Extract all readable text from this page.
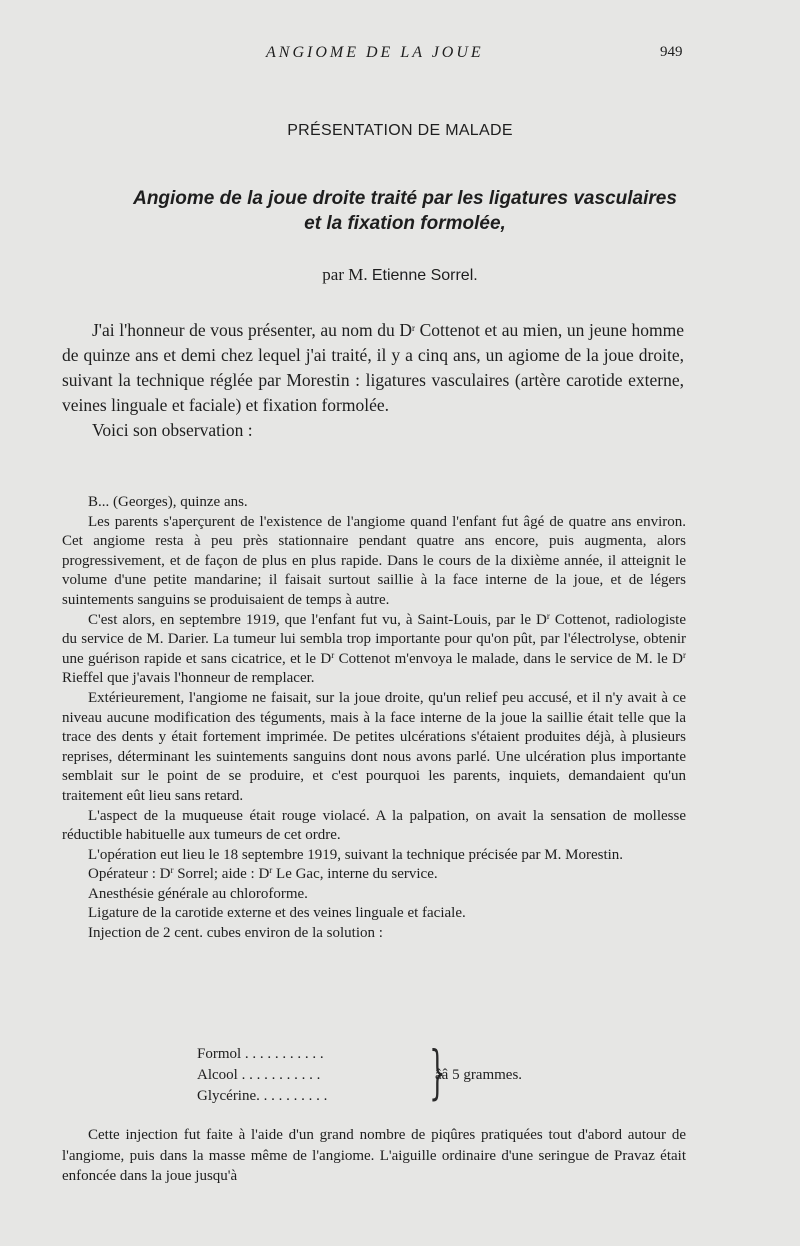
ANGIOME DE LA JOUE	949
PRÉSENTATION DE MALADE
Angiome de la joue droite traité par les ligatures vasculaires
et la fixation formolée,
par M. Etienne Sorrel.

J'ai l'honneur de vous présenter, au nom du $D^r$ Cottenot et au mien, un jeune homme de quinze ans et demi chez lequel j'ai traité, il y a cinq ans, un agiome de la joue droite, suivant la technique réglée par Morestin : ligatures vasculaires (artère carotide externe, veines linguale et faciale) et fixation formolée.

Voici son observation :

B... (Georges), quinze ans.

Les parents s'aperçurent de l'existence de l'angiome quand l'enfant fut âgé de quatre ans environ. Cet angiome resta à peu près stationnaire pendant quatre ans encore, puis augmenta, alors progressivement, et de façon de plus en plus rapide. Dans le cours de la dixième année, il atteignit le volume d'une petite mandarine; il faisait surtout saillie à la face interne de la joue, et de légers suintements sanguins se produisaient de temps à autre.

C'est alors, en septembre 1919, que l'enfant fut vu, à Saint-Louis, par le $D^r$ Cottenot, radiologiste du service de M. Darier. La tumeur lui sembla trop importante pour qu'on pût, par l'électrolyse, obtenir une guérison rapide et sans cicatrice, et le $D^r$ Cottenot m'envoya le malade, dans le service de M. le $D^r$ Rieffel que j'avais l'honneur de remplacer.

Extérieurement, l'angiome ne faisait, sur la joue droite, qu'un relief peu accusé, et il n'y avait à ce niveau aucune modification des téguments, mais à la face interne de la joue la saillie était telle que la trace des dents y était fortement imprimée. De petites ulcérations s'étaient produites déjà, à plusieurs reprises, déterminant les suintements sanguins dont nous avons parlé. Une ulcération plus importante semblait sur le point de se produire, et c'est pourquoi les parents, inquiets, demandaient qu'un traitement eût lieu sans retard.

L'aspect de la muqueuse était rouge violacé. A la palpation, on avait la sensation de mollesse réductible habituelle aux tumeurs de cet ordre.

L'opération eut lieu le 18 septembre 1919, suivant la technique précisée par M. Morestin.

Opérateur : $D^r$ Sorrel; aide : $D^r$ Le Gac, interne du service.

Anesthésie générale au chloroforme.

Ligature de la carotide externe et des veines linguale et faciale.

Injection de 2 cent. cubes environ de la solution :

Formol . . . . . . . . . . .
Alcool . . . . . . . . . . .
Glycérine. . . . . . . . . . }
ââ 5 grammes.

Cette injection fut faite à l'aide d'un grand nombre de piqûres pratiquées tout d'abord autour de l'angiome, puis dans la masse même de l'angiome. L'aiguille ordinaire d'une seringue de Pravaz était enfoncée dans la joue jusqu'à
